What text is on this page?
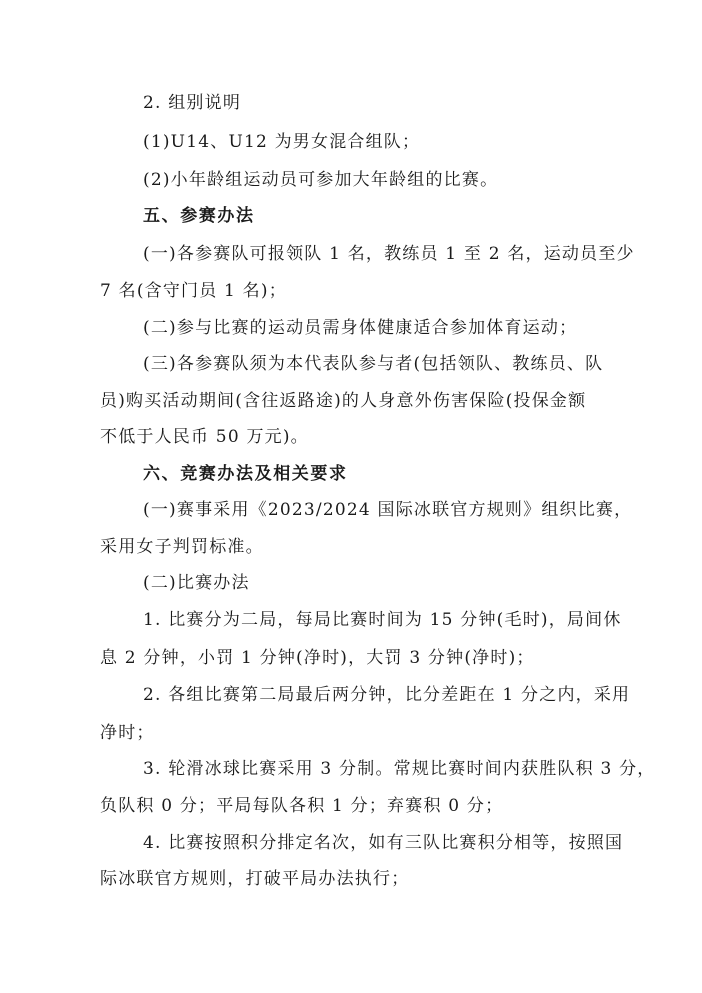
2. 组别说明
(1)U14、U12 为男女混合组队；
(2)小年龄组运动员可参加大年龄组的比赛。
五、参赛办法
(一)各参赛队可报领队 1 名，教练员 1 至 2 名，运动员至少
7 名(含守门员 1 名)；
(二)参与比赛的运动员需身体健康适合参加体育运动；
(三)各参赛队须为本代表队参与者(包括领队、教练员、队
员)购买活动期间(含往返路途)的人身意外伤害保险(投保金额
不低于人民币 50 万元)。
六、竞赛办法及相关要求
(一)赛事采用《2023/2024 国际冰联官方规则》组织比赛，
采用女子判罚标准。
(二)比赛办法
1. 比赛分为二局，每局比赛时间为 15 分钟(毛时)，局间休
息 2 分钟，小罚 1 分钟(净时)，大罚 3 分钟(净时)；
2. 各组比赛第二局最后两分钟，比分差距在 1 分之内，采用
净时；
3. 轮滑冰球比赛采用 3 分制。常规比赛时间内获胜队积 3 分，
负队积 0 分；平局每队各积 1 分；弃赛积 0 分；
4. 比赛按照积分排定名次，如有三队比赛积分相等，按照国
际冰联官方规则，打破平局办法执行；
